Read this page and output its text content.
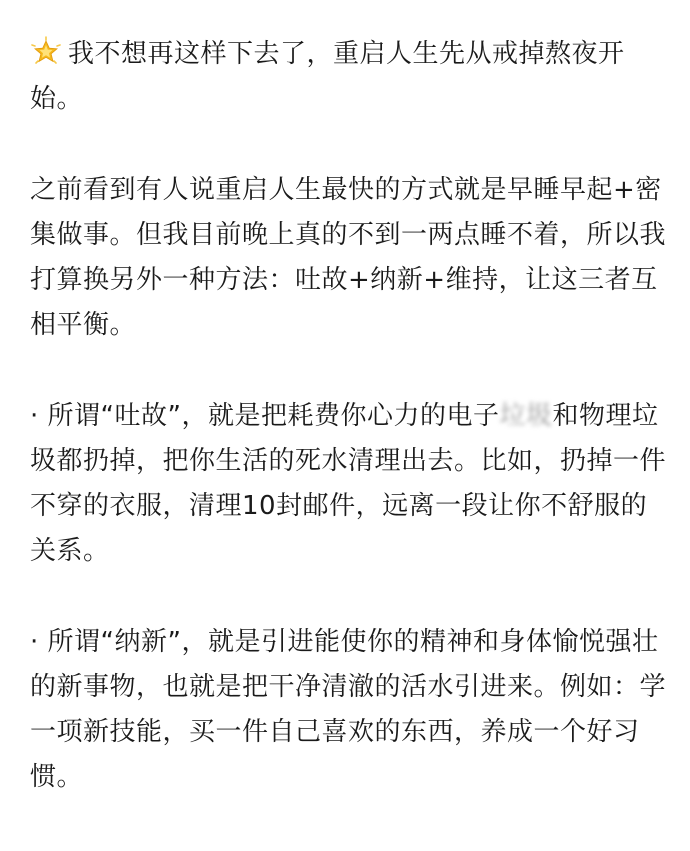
我不想再这样下去了，重启人生先从戒掉熬夜开始。

之前看到有人说重启人生最快的方式就是早睡早起+密集做事。但我目前晚上真的不到一两点睡不着，所以我打算换另外一种方法：吐故+纳新+维持，让这三者互相平衡。

· 所谓“吐故”，就是把耗费你心力的电子垃圾和物理垃圾都扔掉，把你生活的死水清理出去。比如，扔掉一件不穿的衣服，清理10封邮件，远离一段让你不舒服的关系。

· 所谓“纳新”，就是引进能使你的精神和身体愉悦强壮的新事物，也就是把干净清澈的活水引进来。例如：学一项新技能，买一件自己喜欢的东西，养成一个好习惯。
